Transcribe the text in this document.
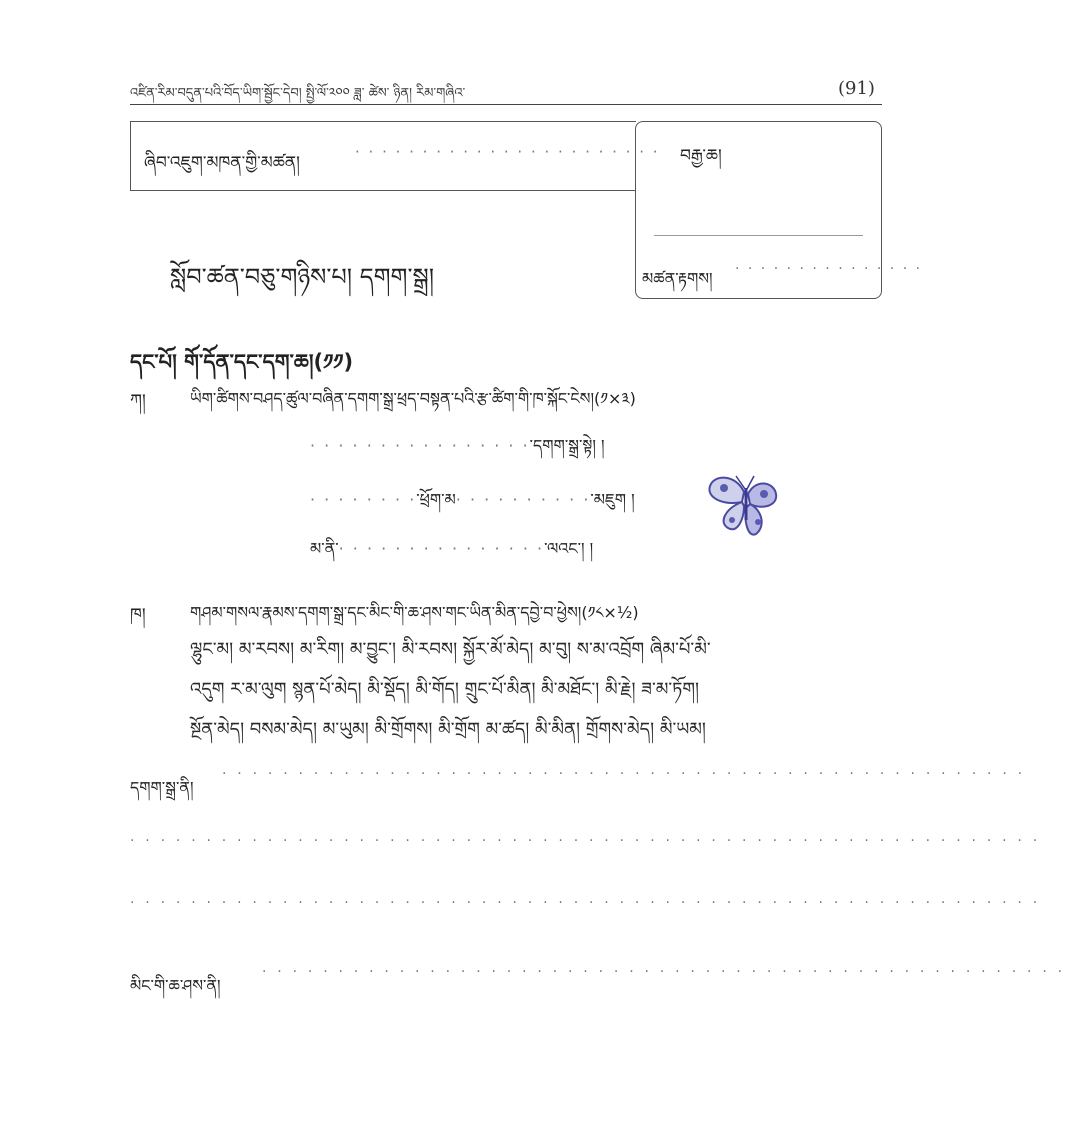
འཛིན་རིམ་བདུན་པའི་བོད་ཡིག་སྦྱོང་དེབ། སྤྱི་ལོ་༢༠༠ ཟླ་ ཚེས་ ཉིན། རིམ་གཞིའ་	(91)
ཞིབ་འཇུག་མཁན་གྱི་མཚན།
· · · · · · · · · · · · · · · · · · · · · · · བརྒྱ་ཆ།
མཚན་རྟགས། · · · · · · · · · · · · · · ·
སློབ་ཚན་བཅུ་གཉིས་པ། དགག་སྒྲ།
དང་པོ། གོ་དོན་དང་དག་ཆ།(༡༡)
ཀ།	ཡིག་ཚིགས་བཤད་ཚུལ་བཞིན་དགག་སྒྲ་ཕྲད་བསྟན་པའི་རྩ་ཚིག་གི་ཁ་སྐོང་ངེས།(༡×༣)
· · · · · · · · · · · · · · · ·་དགག་སྒྲ་སྟེ། །
· · · · · · · ·་ཕྲོག་མ· · · · · · · · · ·་མཇུག །
མ་ནི་· · · · · · · · · · · · · · ·་ལའང་། །
ཁ།	གཤམ་གསལ་རྣམས་དགག་སྒྲ་དང་མིང་གི་ཆ་ཤས་གང་ཡིན་མིན་དབྱེ་བ་ཕྱེས།(༡༨×½)
ལྷུང་མ། མ་རབས། མ་རིག། མ་བྱུང་། མི་རབས། སྐྱོར་མོ་མེད། མ་བུ། ས་མ་འབྲོག ཞིམ་པོ་མི་
འདུག ར་མ་ལུག སྙན་པོ་མེད། མི་སྡོད། མི་གོད། གྲུང་པོ་མིན། མི་མཐོང་། མི་རྗེ། ཟ་མ་ཏོག།
སྔོན་མེད། བསམ་མེད། མ་ཡུམ། མི་གྲོགས། མི་གྲོག མ་ཚད། མི་མིན། གྲོགས་མེད། མི་ཡམ།
དགག་སྒྲ་ནི།
· · · · · · · · · · · · · · · · · · · · · · · · · · · · · · · · · · · · · · · · · · · · · · · · · · · · ·
· · · · · · · · · · · · · · · · · · · · · · · · · · · · · · · · · · · · · · · · · · · · · · · · · · · · · · · · · · · ·
· · · · · · · · · · · · · · · · · · · · · · · · · · · · · · · · · · · · · · · · · · · · · · · · · · · · · · · · · · · ·
མིང་གི་ཆ་ཤས་ནི།
· · · · · · · · · · · · · · · · · · · · · · · · · · · · · · · · · · · · · · · · · · · · · · · · · · · · ·
